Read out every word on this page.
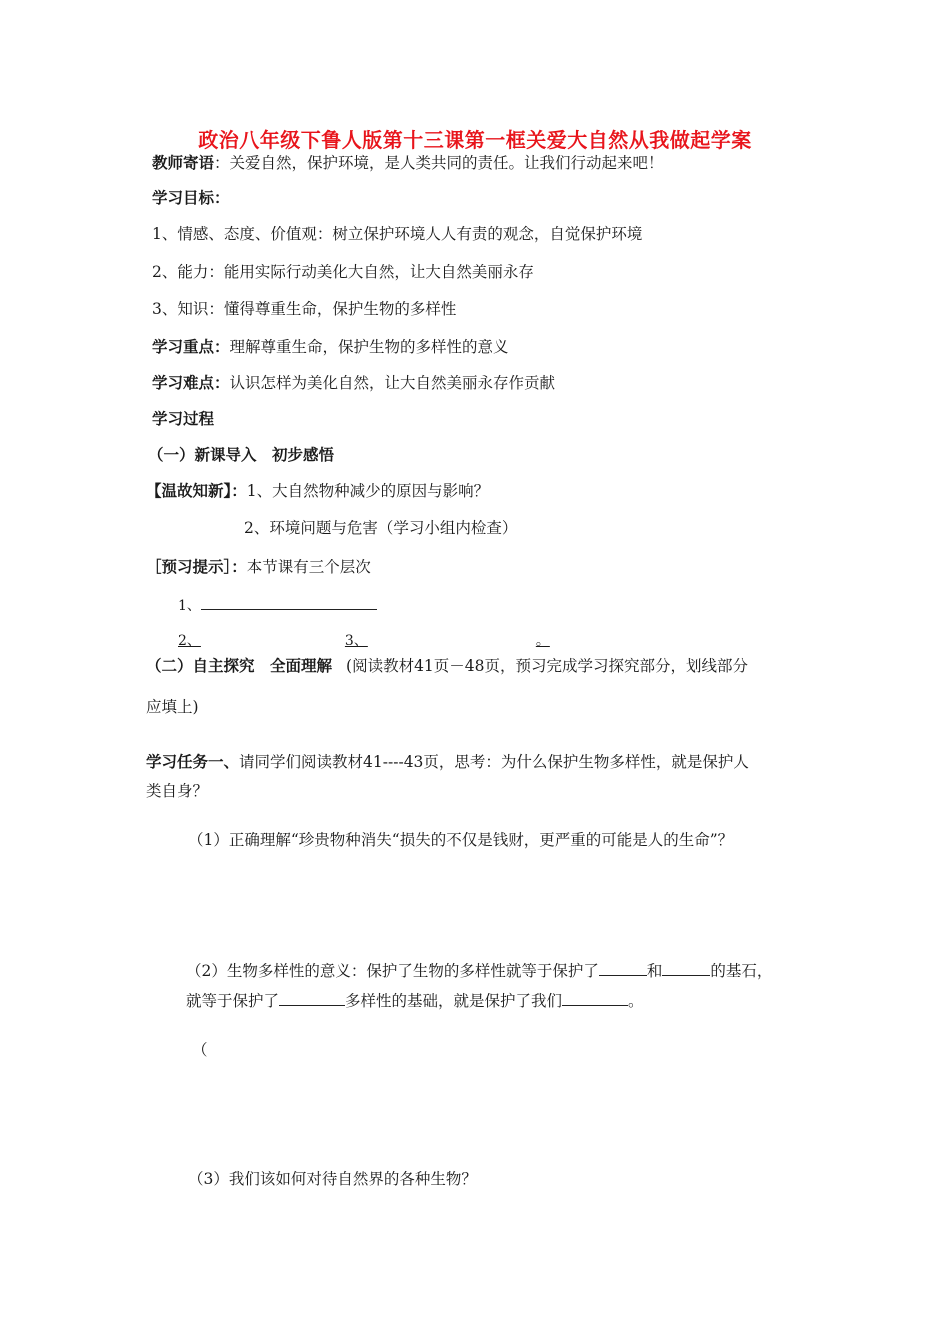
政治八年级下鲁人版第十三课第一框关爱大自然从我做起学案
教师寄语：关爱自然，保护环境，是人类共同的责任。让我们行动起来吧！
学习目标：
1、情感、态度、价值观：树立保护环境人人有责的观念，自觉保护环境
2、能力：能用实际行动美化大自然，让大自然美丽永存
3、知识：懂得尊重生命，保护生物的多样性
学习重点：理解尊重生命，保护生物的多样性的意义
学习难点：认识怎样为美化自然，让大自然美丽永存作贡献
学习过程
（一）新课导入　初步感悟
【温故知新】：1、大自然物种减少的原因与影响？
2、环境问题与危害（学习小组内检查）
［预习提示］：本节课有三个层次
1、
2、	3、	。
（二）自主探究　全面理解 (阅读教材41页－48页，预习完成学习探究部分，划线部分
应填上)
学习任务一、请同学们阅读教材41----43页，思考：为什么保护生物多样性，就是保护人
类自身？
（1）正确理解“珍贵物种消失“损失的不仅是钱财，更严重的可能是人的生命”？
（2）生物多样性的意义：保护了生物的多样性就等于保护了	和	的基石，
就等于保护了	多样性的基础，就是保护了我们	。
（
（3）我们该如何对待自然界的各种生物？
